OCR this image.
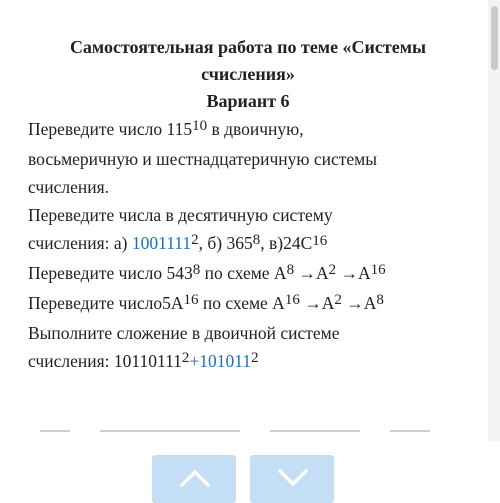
Самостоятельная работа по теме «Системы
счисления»

Вариант 6

Переведите число 11510 в двоичную,
восьмеричную и шестнадцатеричную системы
счисления.

Переведите числа в десятичную систему
счисления: а) 10011112, б) 3658, в)24С16

Переведите число 5438 по схеме А8 →А2 →А16

Переведите число5А16 по схеме А16 →А2 →А8

Выполните сложение в двоичной системе
счисления: 101101112+1010112
